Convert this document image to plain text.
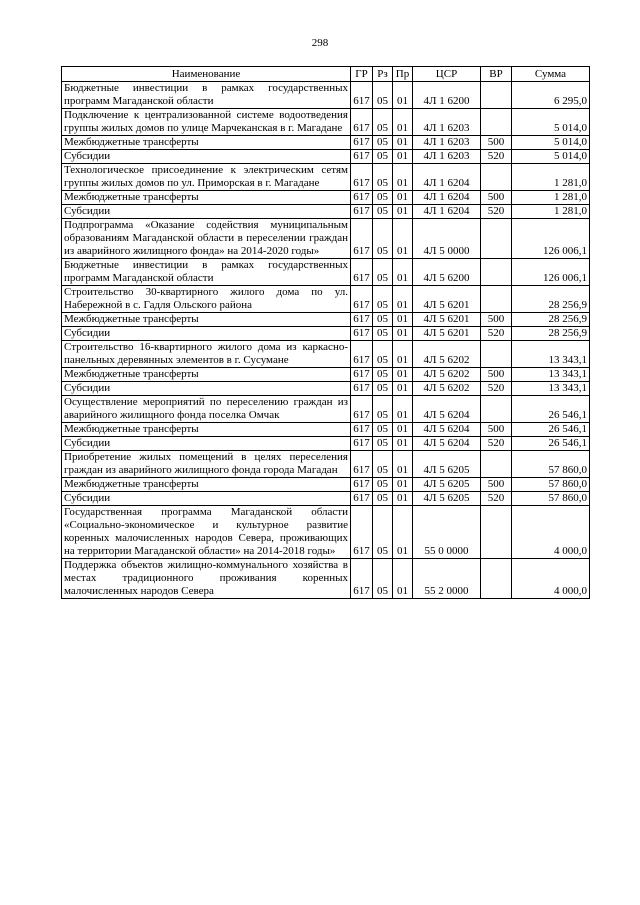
298
Наименование	ГР	Рз	Пр	ЦСР	ВР	Сумма
Бюджетные инвестиции в рамках государственных программ Магаданской области	617	05	01	4Л 1 6200		6 295,0
Подключение к централизованной системе водоотведения группы жилых домов по улице Марчеканская в г. Магадане	617	05	01	4Л 1 6203		5 014,0
Межбюджетные трансферты	617	05	01	4Л 1 6203	500	5 014,0
Субсидии	617	05	01	4Л 1 6203	520	5 014,0
Технологическое присоединение к электрическим сетям группы жилых домов по ул. Приморская в г. Магадане	617	05	01	4Л 1 6204		1 281,0
Межбюджетные трансферты	617	05	01	4Л 1 6204	500	1 281,0
Субсидии	617	05	01	4Л 1 6204	520	1 281,0
Подпрограмма «Оказание содействия муниципальным образованиям Магаданской области в переселении граждан из аварийного жилищного фонда» на 2014-2020 годы»	617	05	01	4Л 5 0000		126 006,1
Бюджетные инвестиции в рамках государственных программ Магаданской области	617	05	01	4Л 5 6200		126 006,1
Строительство 30-квартирного жилого дома по ул. Набережной в с. Гадля Ольского района	617	05	01	4Л 5 6201		28 256,9
Межбюджетные трансферты	617	05	01	4Л 5 6201	500	28 256,9
Субсидии	617	05	01	4Л 5 6201	520	28 256,9
Строительство 16-квартирного жилого дома из каркасно-панельных деревянных элементов в г. Сусумане	617	05	01	4Л 5 6202		13 343,1
Межбюджетные трансферты	617	05	01	4Л 5 6202	500	13 343,1
Субсидии	617	05	01	4Л 5 6202	520	13 343,1
Осуществление мероприятий по переселению граждан из аварийного жилищного фонда поселка Омчак	617	05	01	4Л 5 6204		26 546,1
Межбюджетные трансферты	617	05	01	4Л 5 6204	500	26 546,1
Субсидии	617	05	01	4Л 5 6204	520	26 546,1
Приобретение жилых помещений в целях переселения граждан из аварийного жилищного фонда города Магадан	617	05	01	4Л 5 6205		57 860,0
Межбюджетные трансферты	617	05	01	4Л 5 6205	500	57 860,0
Субсидии	617	05	01	4Л 5 6205	520	57 860,0
Государственная программа Магаданской области «Социально-экономическое и культурное развитие коренных малочисленных народов Севера, проживающих на территории Магаданской области» на 2014-2018 годы»	617	05	01	55 0 0000		4 000,0
Поддержка объектов жилищно-коммунального хозяйства в местах традиционного проживания коренных малочисленных народов Севера	617	05	01	55 2 0000		4 000,0
